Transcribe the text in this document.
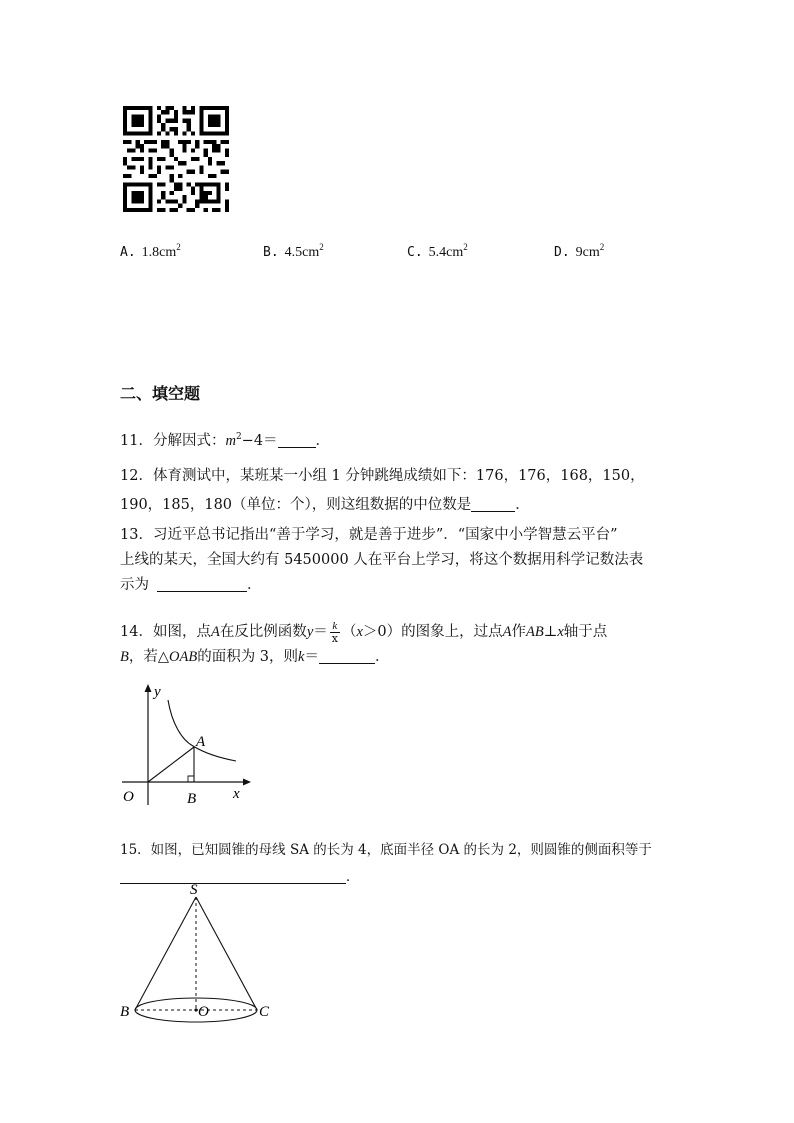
A. $1.8cm^2$	B. $4.5cm^2$	C. $5.4cm^2$	D. $9cm^2$
二、填空题
11．分解因式：$m^2-4=$	．
12．体育测试中，某班某一小组 1 分钟跳绳成绩如下：176，176，168，150，
190，185，180（单位：个），则这组数据的中位数是	．
13．习近平总书记指出“善于学习，就是善于进步”．“国家中小学智慧云平台”
上线的某天，全国大约有 5450000 人在平台上学习，将这个数据用科学记数法表
示为	．
14．如图，点A在反比例函数$y= \frac{k}{x} (x>0)$的图象上，过点A作AB⊥x轴于点
B，若△OAB的面积为 3，则k＝	．
y
A
O	B x
15．如图，已知圆锥的母线 SA 的长为 4，底面半径 OA 的长为 2，则圆锥的侧面积等于
．
S
B	O	C
